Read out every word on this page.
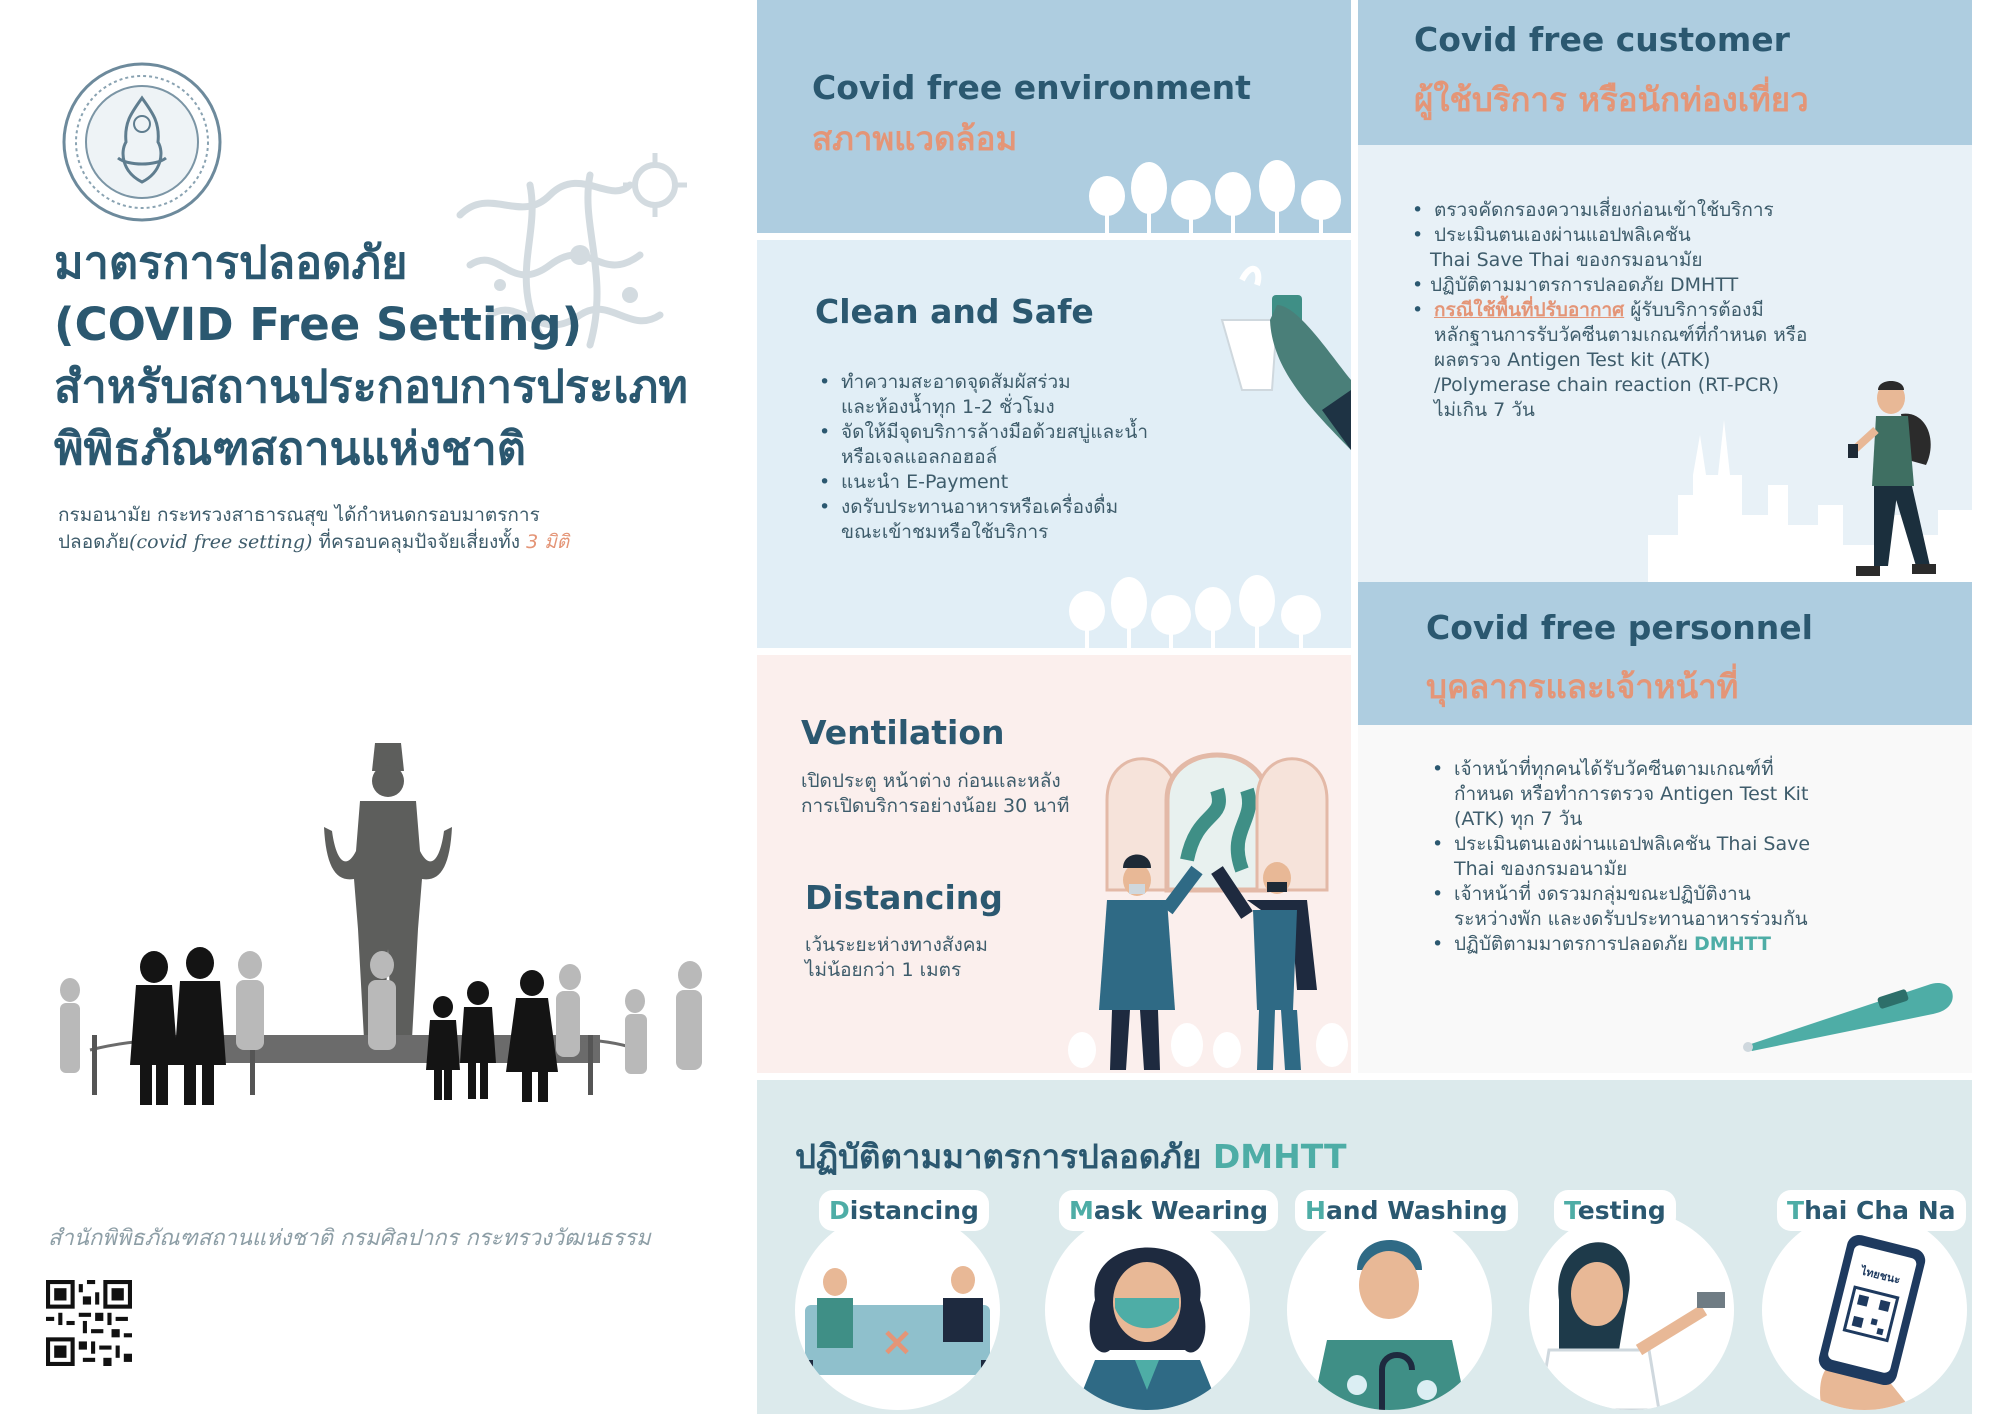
มาตรการปลอดภัย
(COVID Free Setting)
สำหรับสถานประกอบการประเภท
พิพิธภัณฑสถานแห่งชาติ
กรมอนามัย กระทรวงสาธารณสุข ได้กำหนดกรอบมาตรการ
ปลอดภัย(covid free setting) ที่ครอบคลุมปัจจัยเสี่ยงทั้ง 3 มิติ
สำนักพิพิธภัณฑสถานแห่งชาติ กรมศิลปากร กระทรวงวัฒนธรรม
Covid free environment
สภาพแวดล้อม
Clean and Safe
• ทำความสะอาดจุดสัมผัสร่วม
และห้องน้ำทุก 1-2 ชั่วโมง
• จัดให้มีจุดบริการล้างมือด้วยสบู่และน้ำ
หรือเจลแอลกอฮอล์
• แนะนำ E-Payment
• งดรับประทานอาหารหรือเครื่องดื่ม
ขณะเข้าชมหรือใช้บริการ
Ventilation
เปิดประตู หน้าต่าง ก่อนและหลัง
การเปิดบริการอย่างน้อย 30 นาที
Distancing
เว้นระยะห่างทางสังคม
ไม่น้อยกว่า 1 เมตร
Covid free customer
ผู้ใช้บริการ หรือนักท่องเที่ยว
• ตรวจคัดกรองความเสี่ยงก่อนเข้าใช้บริการ
• ประเมินตนเองผ่านแอปพลิเคชัน
Thai Save Thai ของกรมอนามัย
• ปฏิบัติตามมาตรการปลอดภัย DMHTT
• กรณีใช้พื้นที่ปรับอากาศ ผู้รับบริการต้องมี
หลักฐานการรับวัคซีนตามเกณฑ์ที่กำหนด หรือ
ผลตรวจ Antigen Test kit (ATK)
/Polymerase chain reaction (RT-PCR)
ไม่เกิน 7 วัน
Covid free personnel
บุคลากรและเจ้าหน้าที่
• เจ้าหน้าที่ทุกคนได้รับวัคซีนตามเกณฑ์ที่
กำหนด หรือทำการตรวจ Antigen Test Kit
(ATK) ทุก 7 วัน
• ประเมินตนเองผ่านแอปพลิเคชัน Thai Save
Thai ของกรมอนามัย
• เจ้าหน้าที่ งดรวมกลุ่มขณะปฏิบัติงาน
ระหว่างพัก และงดรับประทานอาหารร่วมกัน
• ปฏิบัติตามมาตรการปลอดภัย DMHTT
ปฏิบัติตามมาตรการปลอดภัย DMHTT
×
ไทยชนะ
Distancing	Mask Wearing	Hand Washing	Testing	Thai Cha Na
